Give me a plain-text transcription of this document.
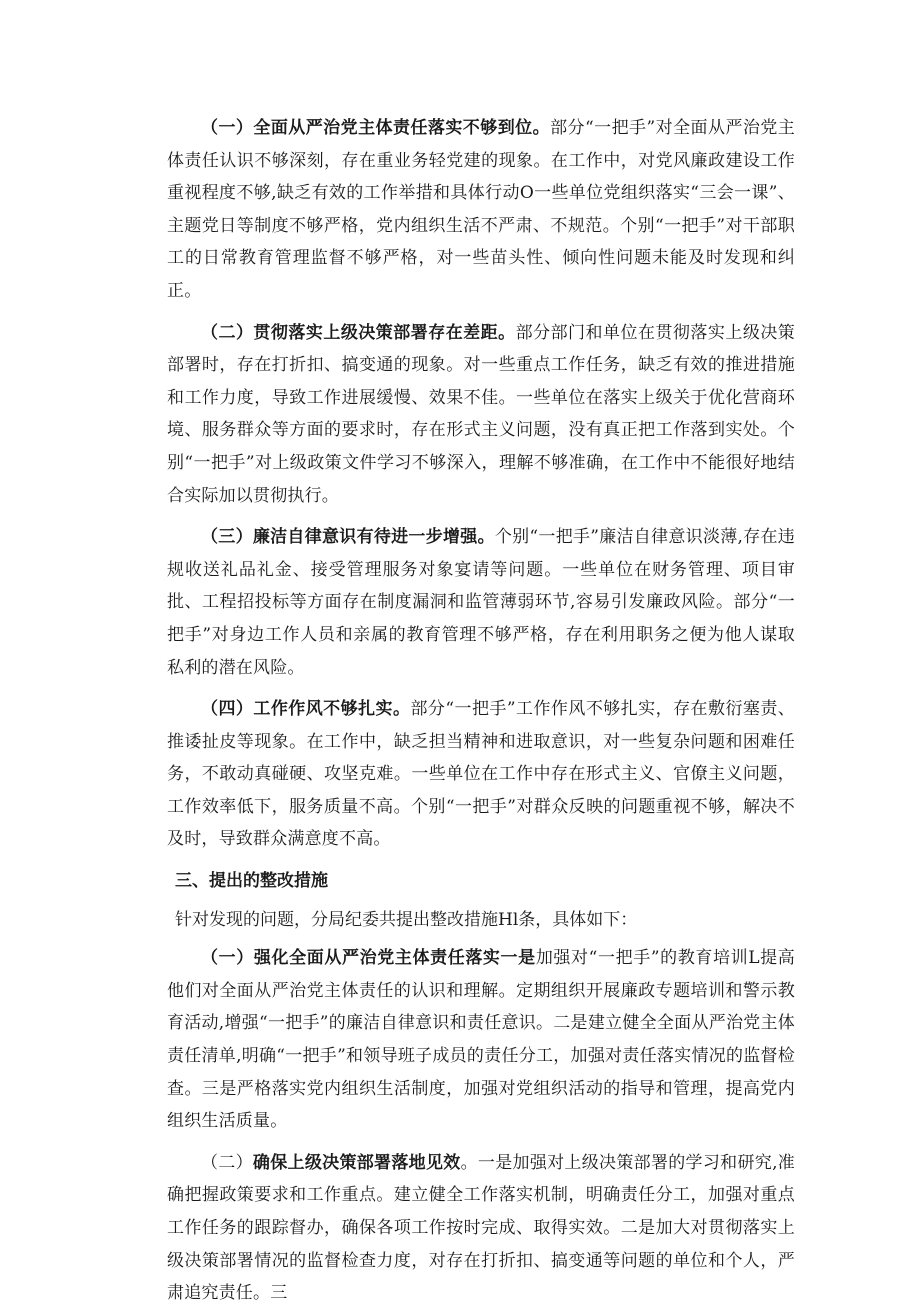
（一）全面从严治党主体责任落实不够到位。部分“一把手”对全面从严治党主体责任认识不够深刻，存在重业务轻党建的现象。在工作中，对党风廉政建设工作重视程度不够,缺乏有效的工作举措和具体行动O一些单位党组织落实“三会一课”、主题党日等制度不够严格，党内组织生活不严肃、不规范。个别“一把手”对干部职工的日常教育管理监督不够严格，对一些苗头性、倾向性问题未能及时发现和纠正。

（二）贯彻落实上级决策部署存在差距。部分部门和单位在贯彻落实上级决策部署时，存在打折扣、搞变通的现象。对一些重点工作任务，缺乏有效的推进措施和工作力度，导致工作进展缓慢、效果不佳。一些单位在落实上级关于优化营商环境、服务群众等方面的要求时，存在形式主义问题，没有真正把工作落到实处。个别“一把手”对上级政策文件学习不够深入，理解不够准确，在工作中不能很好地结合实际加以贯彻执行。

（三）廉洁自律意识有待进一步增强。个别“一把手”廉洁自律意识淡薄,存在违规收送礼品礼金、接受管理服务对象宴请等问题。一些单位在财务管理、项目审批、工程招投标等方面存在制度漏洞和监管薄弱环节,容易引发廉政风险。部分“一把手”对身边工作人员和亲属的教育管理不够严格，存在利用职务之便为他人谋取私利的潜在风险。

（四）工作作风不够扎实。部分“一把手”工作作风不够扎实，存在敷衍塞责、推诿扯皮等现象。在工作中，缺乏担当精神和进取意识，对一些复杂问题和困难任务，不敢动真碰硬、攻坚克难。一些单位在工作中存在形式主义、官僚主义问题，工作效率低下，服务质量不高。个别“一把手”对群众反映的问题重视不够，解决不及时，导致群众满意度不高。

三、提出的整改措施

针对发现的问题，分局纪委共提出整改措施Hl条，具体如下：

（一）强化全面从严治党主体责任落实一是加强对“一把手”的教育培训L提高他们对全面从严治党主体责任的认识和理解。定期组织开展廉政专题培训和警示教育活动,增强“一把手”的廉洁自律意识和责任意识。二是建立健全全面从严治党主体责任清单,明确“一把手”和领导班子成员的责任分工，加强对责任落实情况的监督检查。三是严格落实党内组织生活制度，加强对党组织活动的指导和管理，提高党内组织生活质量。

（二）确保上级决策部署落地见效。一是加强对上级决策部署的学习和研究,准确把握政策要求和工作重点。建立健全工作落实机制，明确责任分工，加强对重点工作任务的跟踪督办，确保各项工作按时完成、取得实效。二是加大对贯彻落实上级决策部署情况的监督检查力度，对存在打折扣、搞变通等问题的单位和个人，严肃追究责任。三
